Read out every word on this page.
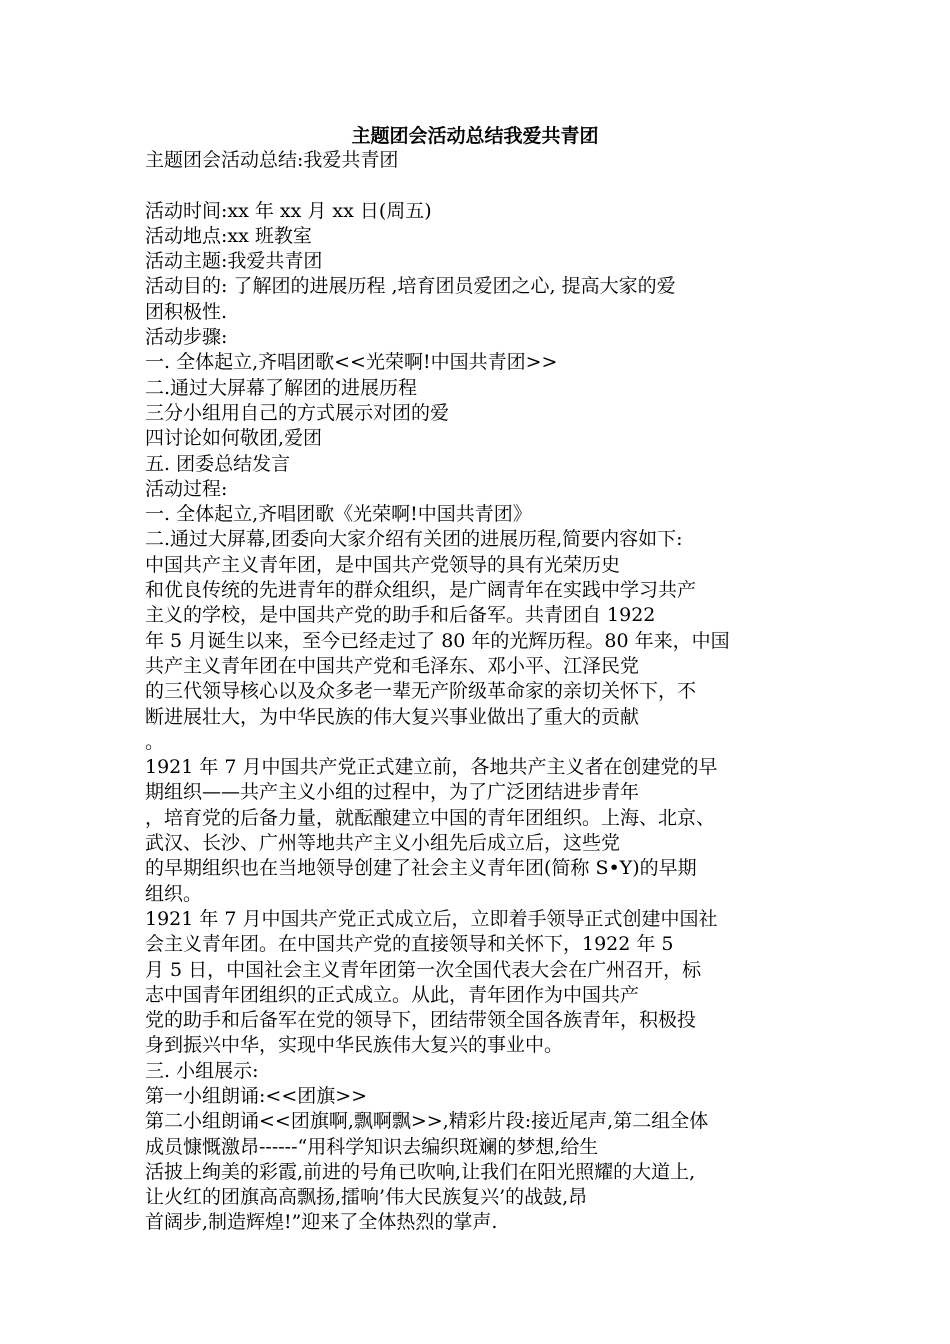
主题团会活动总结我爱共青团
主题团会活动总结:我爱共青团
活动时间:xx 年 xx 月 xx 日(周五)
活动地点:xx 班教室
活动主题:我爱共青团
活动目的: 了解团的进展历程 ,培育团员爱团之心, 提高大家的爱
团积极性.
活动步骤:
一. 全体起立,齐唱团歌<<光荣啊!中国共青团>>
二.通过大屏幕了解团的进展历程
三分小组用自己的方式展示对团的爱
四讨论如何敬团,爱团
五. 团委总结发言
活动过程:
一. 全体起立,齐唱团歌《光荣啊!中国共青团》
二.通过大屏幕,团委向大家介绍有关团的进展历程,简要内容如下:
中国共产主义青年团，是中国共产党领导的具有光荣历史
和优良传统的先进青年的群众组织，是广阔青年在实践中学习共产
主义的学校，是中国共产党的助手和后备军。共青团自 1922
年 5 月诞生以来，至今已经走过了 80 年的光辉历程。80 年来，中国
共产主义青年团在中国共产党和毛泽东、邓小平、江泽民党
的三代领导核心以及众多老一辈无产阶级革命家的亲切关怀下，不
断进展壮大，为中华民族的伟大复兴事业做出了重大的贡献
。
1921 年 7 月中国共产党正式建立前，各地共产主义者在创建党的早
期组织——共产主义小组的过程中，为了广泛团结进步青年
，培育党的后备力量，就酝酿建立中国的青年团组织。上海、北京、
武汉、长沙、广州等地共产主义小组先后成立后，这些党
的早期组织也在当地领导创建了社会主义青年团(简称 S•Y)的早期
组织。
1921 年 7 月中国共产党正式成立后，立即着手领导正式创建中国社
会主义青年团。在中国共产党的直接领导和关怀下，1922 年 5
月 5 日，中国社会主义青年团第一次全国代表大会在广州召开，标
志中国青年团组织的正式成立。从此，青年团作为中国共产
党的助手和后备军在党的领导下，团结带领全国各族青年，积极投
身到振兴中华，实现中华民族伟大复兴的事业中。
三. 小组展示:
第一小组朗诵:<<团旗>>
第二小组朗诵<<团旗啊,飘啊飘>>,精彩片段:接近尾声,第二组全体
成员慷慨激昂------“用科学知识去编织斑斓的梦想,给生
活披上绚美的彩霞,前进的号角已吹响,让我们在阳光照耀的大道上,
让火红的团旗高高飘扬,擂响’伟大民族复兴’的战鼓,昂
首阔步,制造辉煌!”迎来了全体热烈的掌声.
